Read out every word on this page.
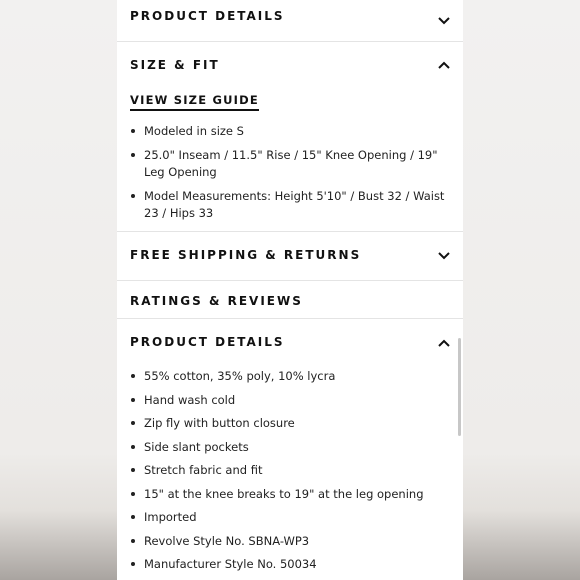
PRODUCT DETAILS
SIZE & FIT
VIEW SIZE GUIDE
Modeled in size S
25.0" Inseam / 11.5" Rise / 15" Knee Opening / 19" Leg Opening
Model Measurements: Height 5'10" / Bust 32 / Waist 23 / Hips 33
FREE SHIPPING & RETURNS
RATINGS & REVIEWS
PRODUCT DETAILS
55% cotton, 35% poly, 10% lycra
Hand wash cold
Zip fly with button closure
Side slant pockets
Stretch fabric and fit
15" at the knee breaks to 19" at the leg opening
Imported
Revolve Style No. SBNA-WP3
Manufacturer Style No. 50034
